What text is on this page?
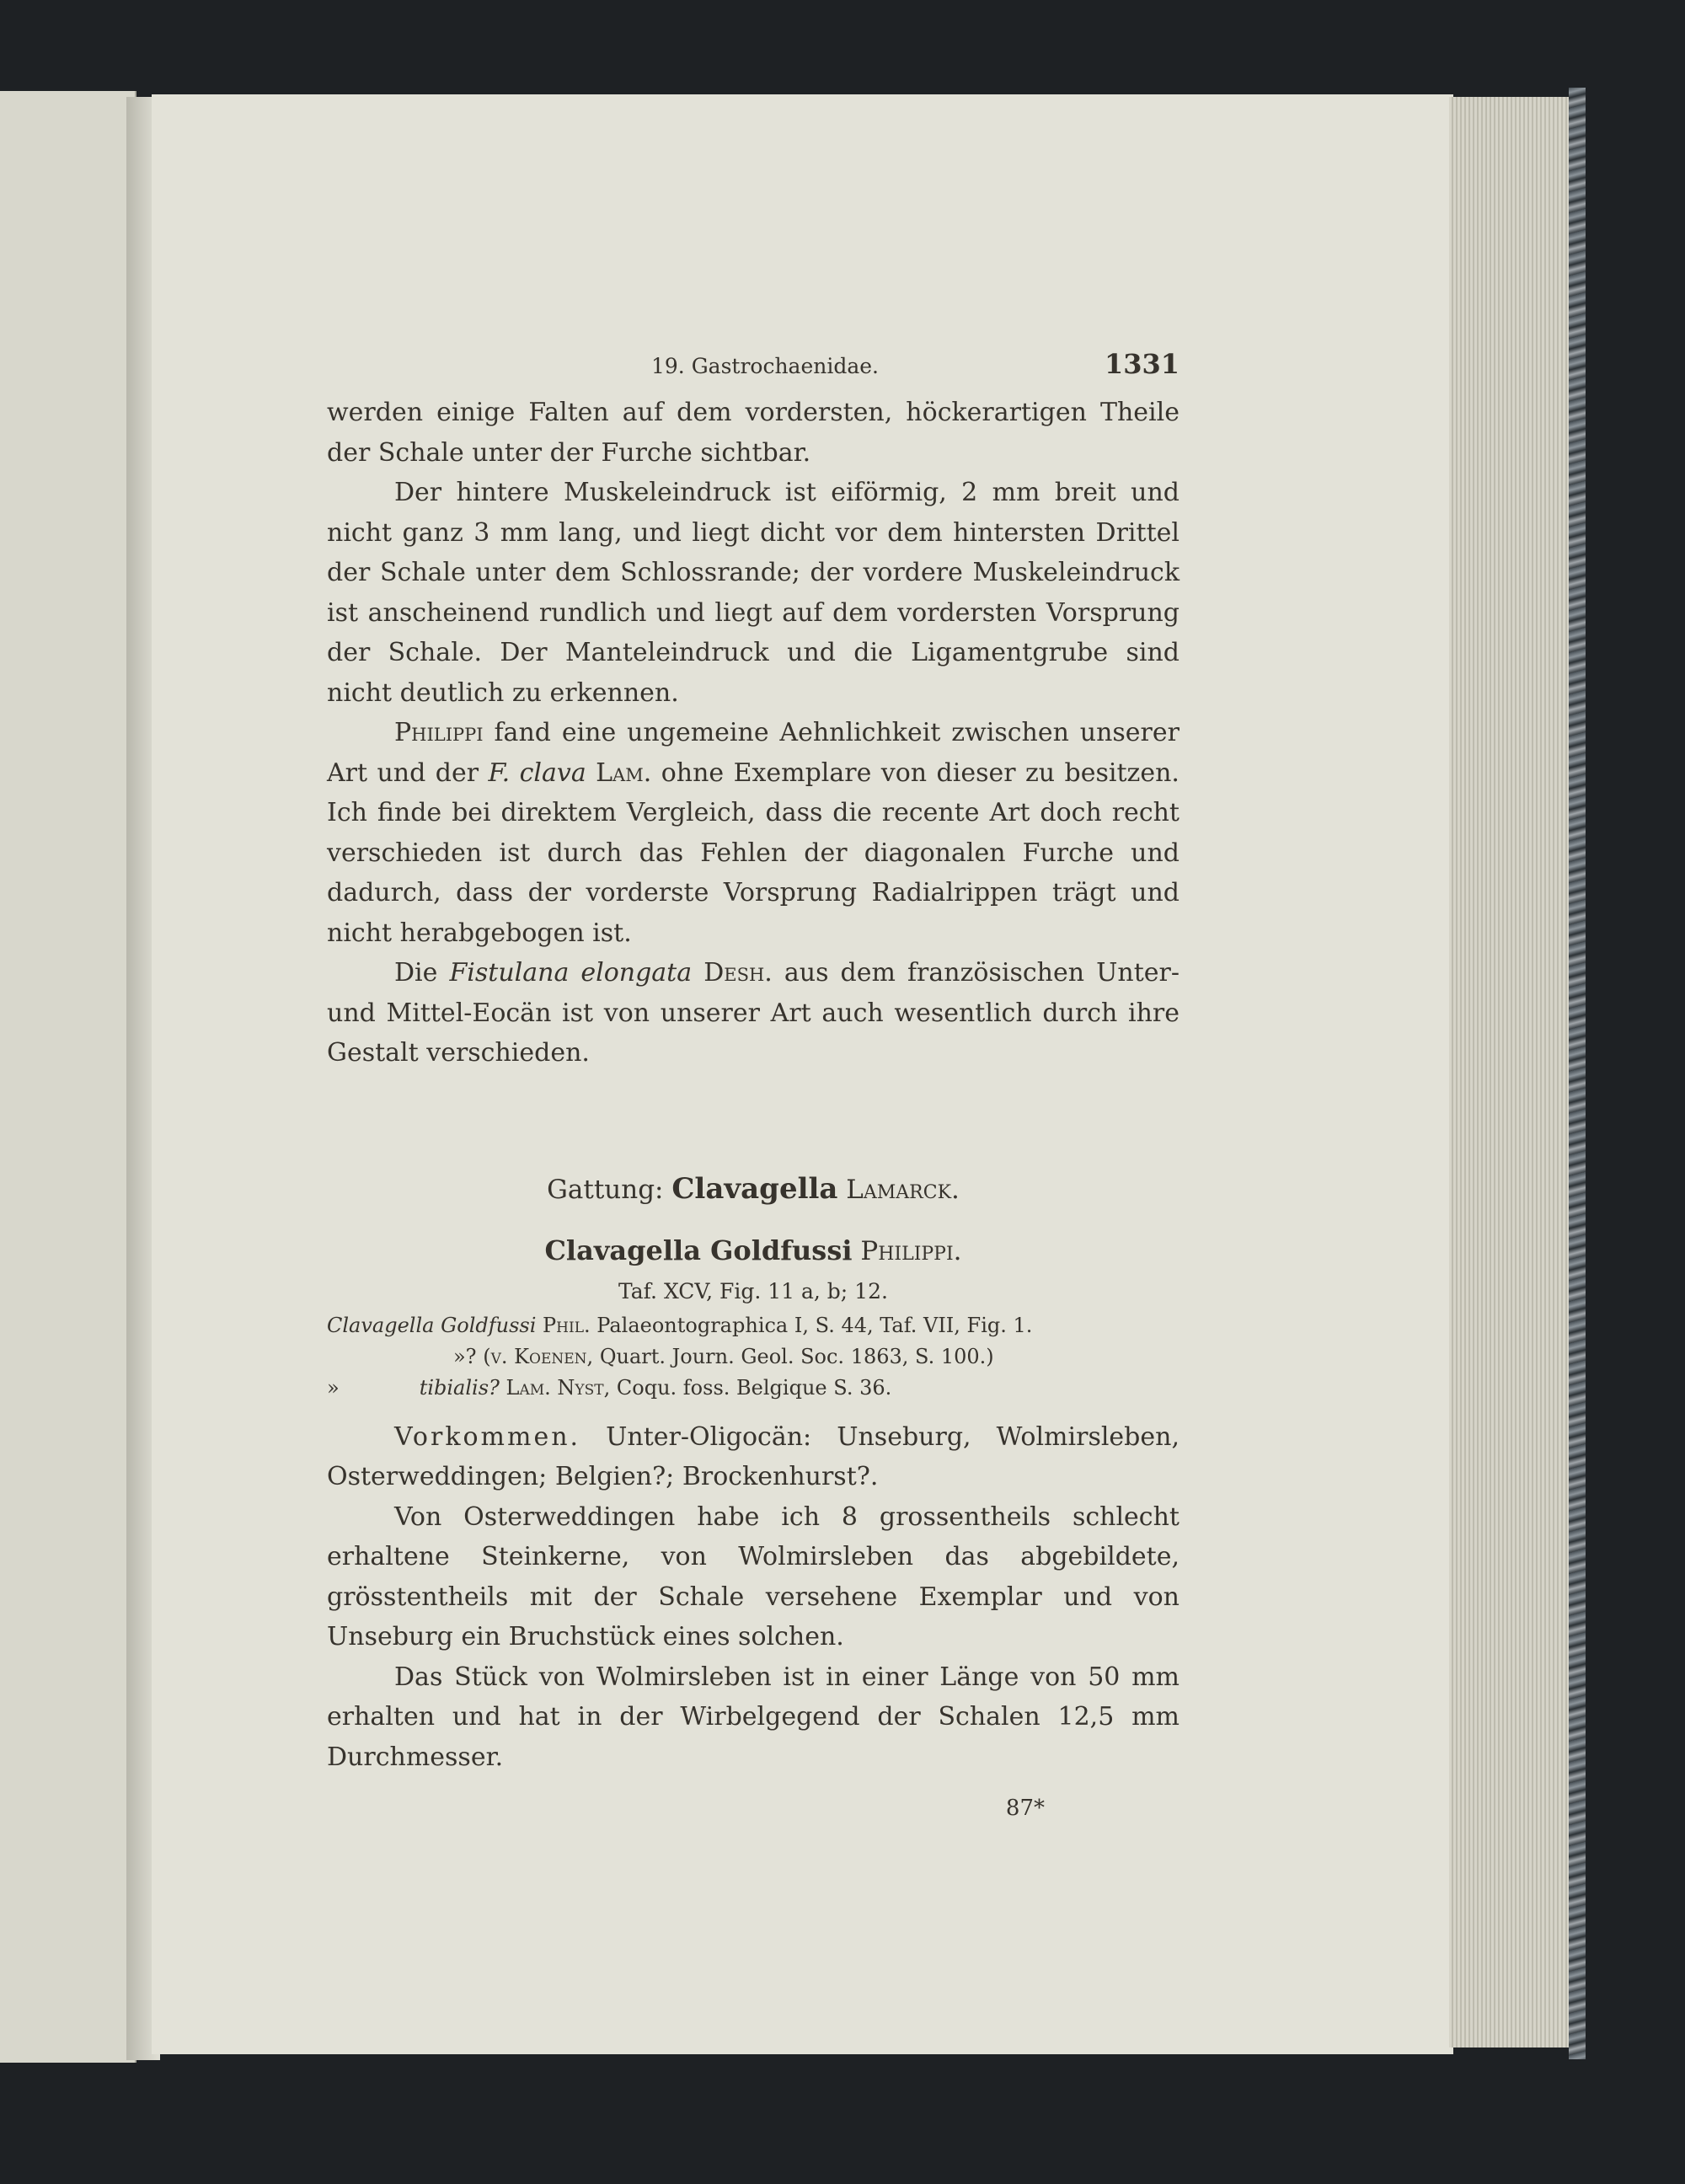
19. Gastrochaenidae.	1331

werden einige Falten auf dem vordersten, höckerartigen Theile der Schale unter der Furche sichtbar.

Der hintere Muskeleindruck ist eiförmig, 2 mm breit und nicht ganz 3 mm lang, und liegt dicht vor dem hintersten Drittel der Schale unter dem Schlossrande; der vordere Muskeleindruck ist anscheinend rundlich und liegt auf dem vordersten Vorsprung der Schale. Der Manteleindruck und die Ligamentgrube sind nicht deutlich zu erkennen.

Philippi fand eine ungemeine Aehnlichkeit zwischen unserer Art und der F. clava Lam. ohne Exemplare von dieser zu besitzen. Ich finde bei direktem Vergleich, dass die recente Art doch recht verschieden ist durch das Fehlen der diagonalen Furche und dadurch, dass der vorderste Vorsprung Radialrippen trägt und nicht herabgebogen ist.

Die Fistulana elongata Desh. aus dem französischen Unter- und Mittel-Eocän ist von unserer Art auch wesentlich durch ihre Gestalt verschieden.

Gattung: Clavagella Lamarck.
Clavagella Goldfussi Philippi.
Taf. XCV, Fig. 11 a, b; 12.
Clavagella Goldfussi Phil. Palaeontographica I, S. 44, Taf. VII, Fig. 1.
»? (v. Koenen, Quart. Journ. Geol. Soc. 1863, S. 100.)
»	tibialis? Lam. Nyst, Coqu. foss. Belgique S. 36.

Vorkommen. Unter-Oligocän: Unseburg, Wolmirsleben, Osterweddingen; Belgien?; Brockenhurst?.

Von Osterweddingen habe ich 8 grossentheils schlecht erhaltene Steinkerne, von Wolmirsleben das abgebildete, grösstentheils mit der Schale versehene Exemplar und von Unseburg ein Bruchstück eines solchen.

Das Stück von Wolmirsleben ist in einer Länge von 50 mm erhalten und hat in der Wirbelgegend der Schalen 12,5 mm Durchmesser.

87*
